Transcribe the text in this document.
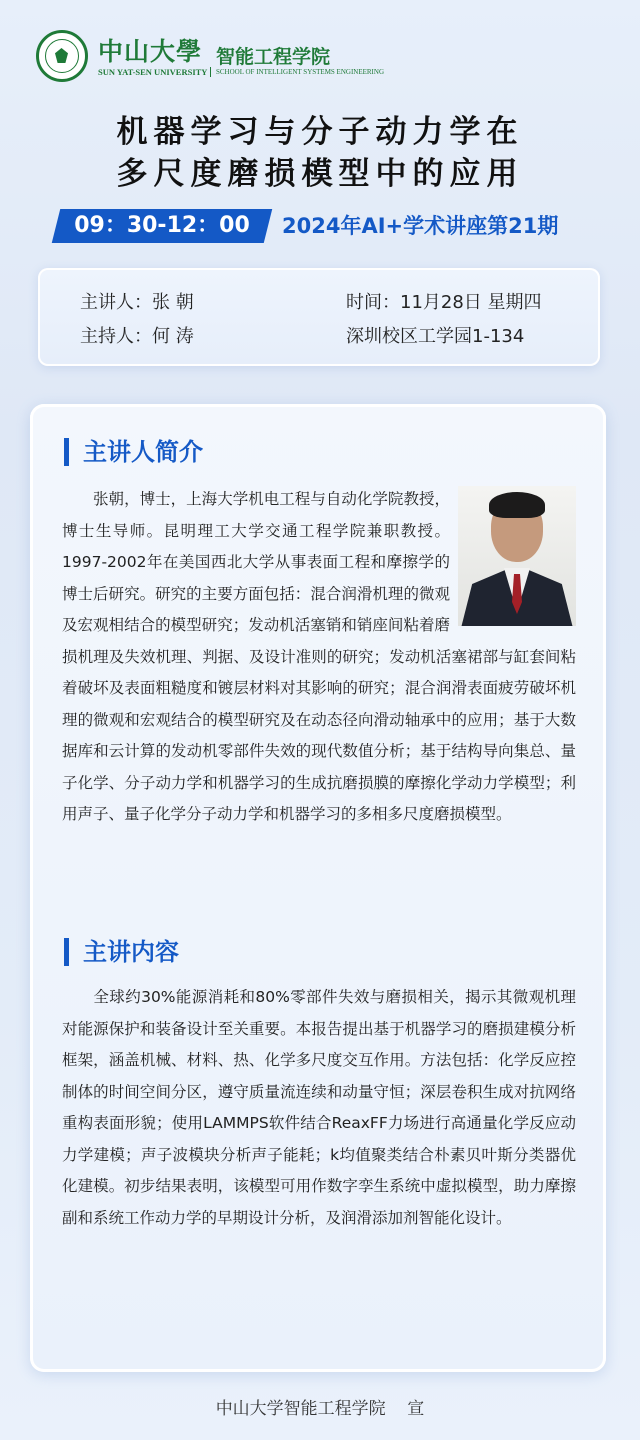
中山大學 智能工程学院
SUN YAT-SEN UNIVERSITY SCHOOL OF INTELLIGENT SYSTEMS ENGINEERING
机器学习与分子动力学在
多尺度磨损模型中的应用
09：30-12：00	2024年AI+学术讲座第21期
主讲人：张 朝
主持人：何 涛
时间：11月28日 星期四
深圳校区工学园1-134
主讲人简介
张朝，博士，上海大学机电工程与自动化学院教授，博士生导师。昆明理工大学交通工程学院兼职教授。1997-2002年在美国西北大学从事表面工程和摩擦学的博士后研究。研究的主要方面包括：混合润滑机理的微观及宏观相结合的模型研究；发动机活塞销和销座间粘着磨损机理及失效机理、判据、及设计准则的研究；发动机活塞裙部与缸套间粘着破坏及表面粗糙度和镀层材料对其影响的研究；混合润滑表面疲劳破坏机理的微观和宏观结合的模型研究及在动态径向滑动轴承中的应用；基于大数据库和云计算的发动机零部件失效的现代数值分析；基于结构导向集总、量子化学、分子动力学和机器学习的生成抗磨损膜的摩擦化学动力学模型；利用声子、量子化学分子动力学和机器学习的多相多尺度磨损模型。
主讲内容
全球约30%能源消耗和80%零部件失效与磨损相关，揭示其微观机理对能源保护和装备设计至关重要。本报告提出基于机器学习的磨损建模分析框架，涵盖机械、材料、热、化学多尺度交互作用。方法包括：化学反应控制体的时间空间分区，遵守质量流连续和动量守恒；深层卷积生成对抗网络重构表面形貌；使用LAMMPS软件结合ReaxFF力场进行高通量化学反应动力学建模；声子波模块分析声子能耗；k均值聚类结合朴素贝叶斯分类器优化建模。初步结果表明，该模型可用作数字孪生系统中虚拟模型，助力摩擦副和系统工作动力学的早期设计分析，及润滑添加剂智能化设计。
中山大学智能工程学院    宣
